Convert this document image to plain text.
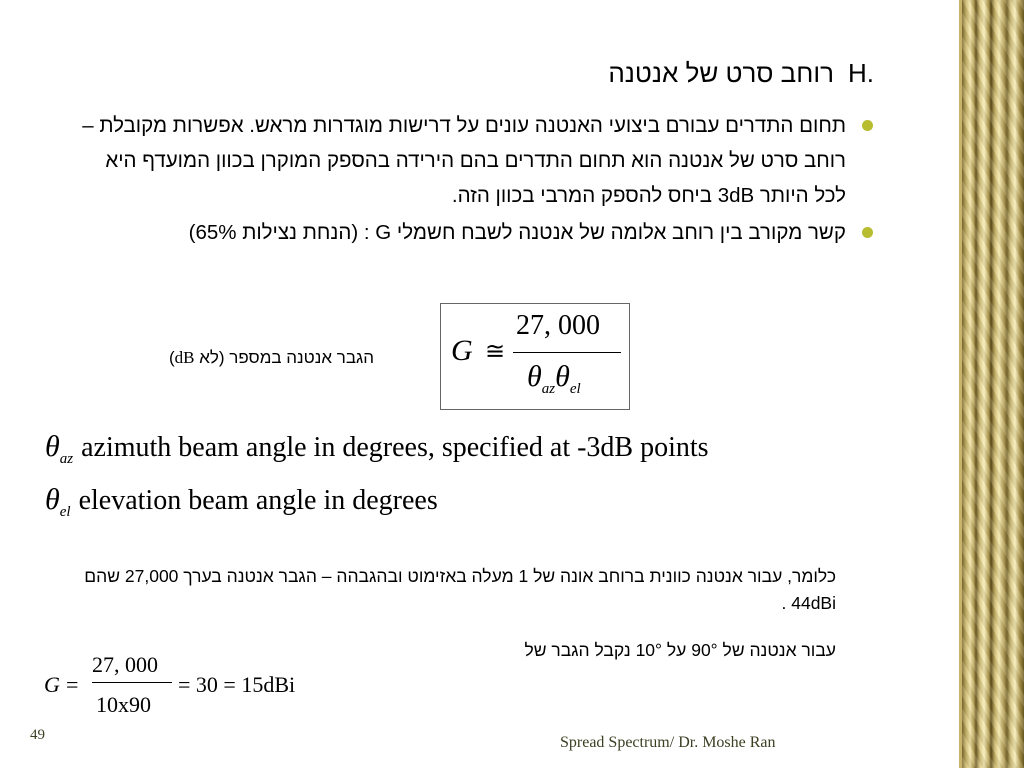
H.רוחב סרט של אנטנה
תחום התדרים עבורם ביצועי האנטנה עונים על דרישות מוגדרות מראש. אפשרות מקובלת – רוחב סרט של אנטנה הוא תחום התדרים בהם הירידה בהספק המוקרן בכוון המועדף היא לכל היותר 3dB ביחס להספק המרבי בכוון הזה.
קשר מקורב בין רוחב אלומה של אנטנה לשבח חשמלי G : (הנחת נצילות 65%)
הגבר אנטנה במספר (לא dB)	G ≅
27, 000
$\theta_{az}\theta_{el}$
$\theta_{az}$ azimuth beam angle in degrees, specified at -3dB points
$\theta_{el}$ elevation beam angle in degrees
כלומר, עבור אנטנה כוונית ברוחב אונה של 1 מעלה באזימוט ובהגבהה – הגבר אנטנה בערך 27,000 שהם 44dBi .
עבור אנטנה של 90° על 10° נקבל הגבר של
G =
27, 000
10x90
= 30 = 15dBi
49	Spread Spectrum/ Dr. Moshe Ran
